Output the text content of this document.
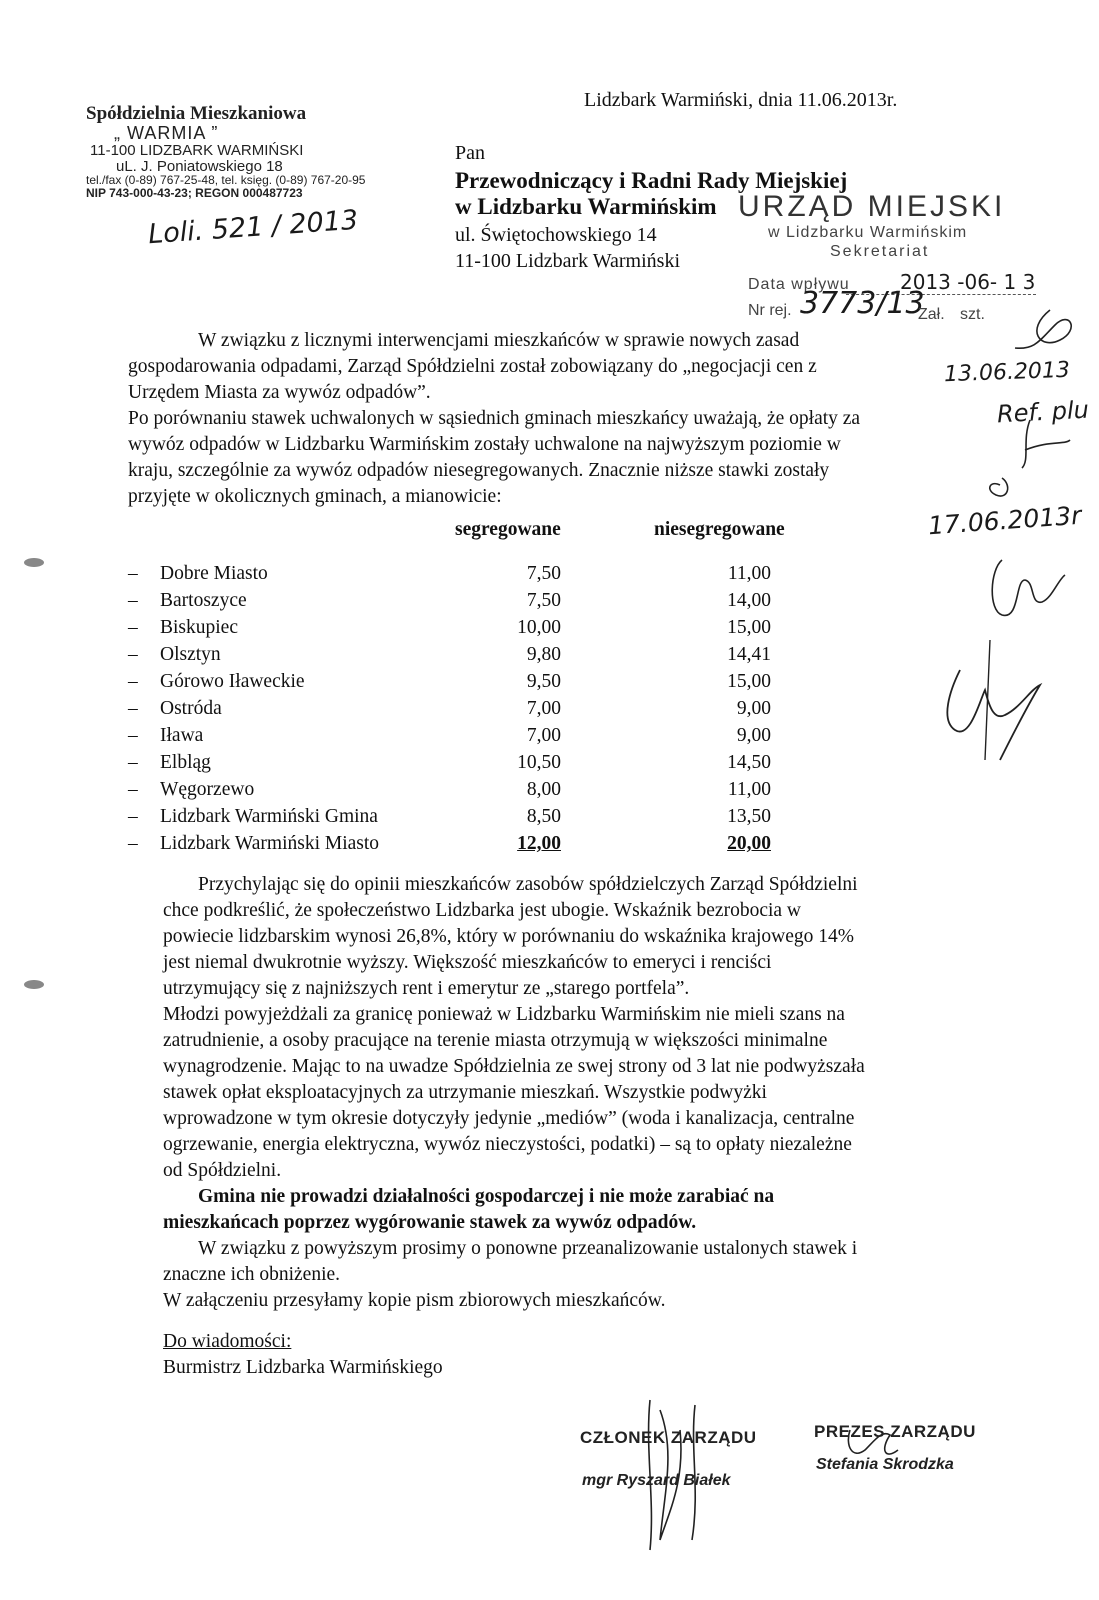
Spółdzielnia Mieszkaniowa
„ WARMIA ”
11-100 LIDZBARK WARMIŃSKI
uL. J. Poniatowskiego 18
tel./fax (0-89) 767-25-48, tel. księg. (0-89) 767-20-95
NIP 743-000-43-23; REGON 000487723
Loli. 521 / 2013
Lidzbark Warmiński, dnia 11.06.2013r.
Pan
Przewodniczący i Radni Rady Miejskiej
w Lidzbarku Warmińskim
ul. Świętochowskiego 14
11-100 Lidzbark Warmiński
URZĄD MIEJSKI
w Lidzbarku Warmińskim
Sekretariat
Data wpływu	2013 -06- 1 3
Nr rej. 3773/13
Zał. szt.
13.06.2013
Ref. plu
17.06.2013r
W związku z licznymi interwencjami mieszkańców w sprawie nowych zasad
gospodarowania odpadami, Zarząd Spółdzielni został zobowiązany do „negocjacji cen z
Urzędem Miasta za wywóz odpadów”.
Po porównaniu stawek uchwalonych w sąsiednich gminach mieszkańcy uważają, że opłaty za
wywóz odpadów w Lidzbarku Warmińskim zostały uchwalone na najwyższym poziomie w
kraju, szczególnie za wywóz odpadów niesegregowanych. Znacznie niższe stawki zostały
przyjęte w okolicznych gminach, a mianowicie:
segregowane	niesegregowane
– Dobre Miasto	7,50	11,00
– Bartoszyce	7,50	14,00
– Biskupiec	10,00	15,00
– Olsztyn	9,80	14,41
– Górowo Iławeckie	9,50	15,00
– Ostróda	7,00	9,00
– Iława	7,00	9,00
– Elbląg	10,50	14,50
– Węgorzewo	8,00	11,00
– Lidzbark Warmiński Gmina	8,50	13,50
– Lidzbark Warmiński Miasto	12,00	20,00
Przychylając się do opinii mieszkańców zasobów spółdzielczych Zarząd Spółdzielni
chce podkreślić, że społeczeństwo Lidzbarka jest ubogie. Wskaźnik bezrobocia w
powiecie lidzbarskim wynosi 26,8%, który w porównaniu do wskaźnika krajowego 14%
jest niemal dwukrotnie wyższy. Większość mieszkańców to emeryci i renciści
utrzymujący się z najniższych rent i emerytur ze „starego portfela”.
Młodzi powyjeżdżali za granicę ponieważ w Lidzbarku Warmińskim nie mieli szans na
zatrudnienie, a osoby pracujące na terenie miasta otrzymują w większości minimalne
wynagrodzenie. Mając to na uwadze Spółdzielnia ze swej strony od 3 lat nie podwyższała
stawek opłat eksploatacyjnych za utrzymanie mieszkań. Wszystkie podwyżki
wprowadzone w tym okresie dotyczyły jedynie „mediów” (woda i kanalizacja, centralne
ogrzewanie, energia elektryczna, wywóz nieczystości, podatki) – są to opłaty niezależne
od Spółdzielni.
Gmina nie prowadzi działalności gospodarczej i nie może zarabiać na
mieszkańcach poprzez wygórowanie stawek za wywóz odpadów.
W związku z powyższym prosimy o ponowne przeanalizowanie ustalonych stawek i
znaczne ich obniżenie.
W załączeniu przesyłamy kopie pism zbiorowych mieszkańców.
Do wiadomości:
Burmistrz Lidzbarka Warmińskiego
CZŁONEK ZARZĄDU
mgr Ryszard Białek
PREZES ZARZĄDU
Stefania Skrodzka
